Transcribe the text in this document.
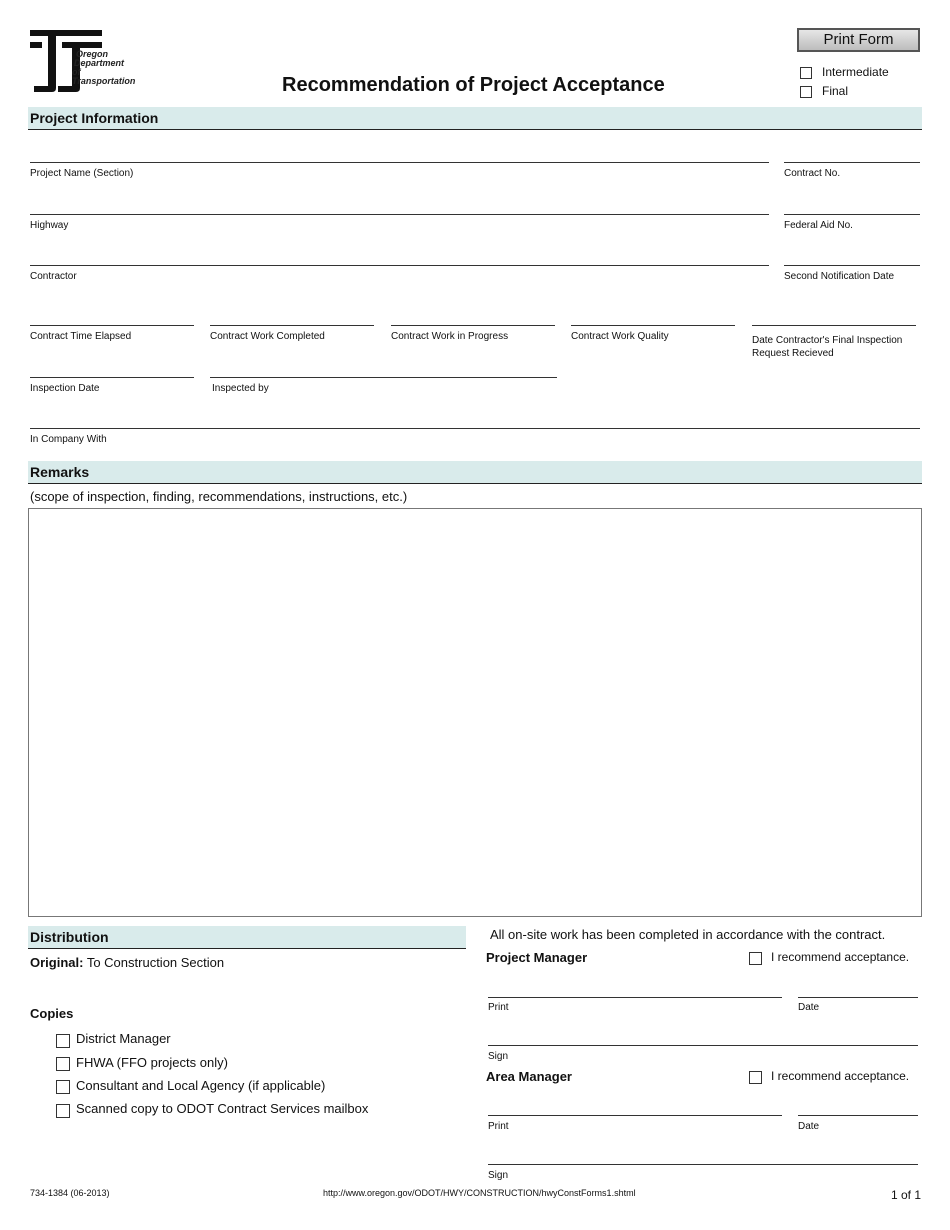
Oregon
Department
of Transportation	Recommendation of Project Acceptance
Print Form
Intermediate
Final
Project Information
Project Name (Section)	Contract No.
Highway	Federal Aid No.
Contractor	Second Notification Date
Contract Time Elapsed	Contract Work Completed	Contract Work in Progress	Contract Work Quality	Date Contractor's Final Inspection
Request Recieved
Inspection Date	Inspected by
In Company With
Remarks
(scope of inspection, finding, recommendations, instructions, etc.)
Distribution
Original: To Construction Section
Copies
District Manager
FHWA (FFO projects only)
Consultant and Local Agency (if applicable)
Scanned copy to ODOT Contract Services mailbox
All on-site work has been completed in accordance with the contract.
Project Manager	I recommend acceptance.
Print	Date
Sign
Area Manager	I recommend acceptance.
Print	Date
Sign
734-1384 (06-2013)	http://www.oregon.gov/ODOT/HWY/CONSTRUCTION/hwyConstForms1.shtml	1 of 1
